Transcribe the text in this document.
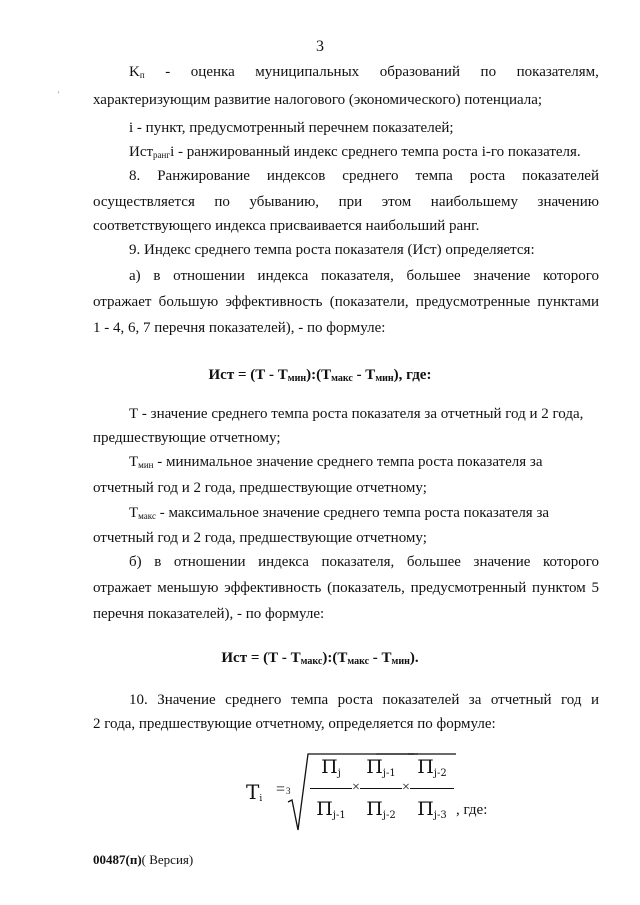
3
'
$K_п$ - оценка муниципальных образований по показателям,
характеризующим развитие налогового (экономического) потенциала;
i - пункт, предусмотренный перечнем показателей;
Ист$_{ранг}$i - ранжированный индекс среднего темпа роста i-го показателя.
8. Ранжирование индексов среднего темпа роста показателей
осуществляется по убыванию, при этом наибольшему значению
соответствующего индекса присваивается наибольший ранг.
9. Индекс среднего темпа роста показателя (Ист) определяется:
а) в отношении индекса показателя, большее значение которого
отражает большую эффективность (показатели, предусмотренные пунктами
1 - 4, 6, 7 перечня показателей), - по формуле:
Ист = $(Т - Т_{мин}):(Т_{макс} - Т_{мин})$, где:
Т - значение среднего темпа роста показателя за отчетный год и 2 года,
предшествующие отчетному;
$Т_{мин}$ - минимальное значение среднего темпа роста показателя за
отчетный год и 2 года, предшествующие отчетному;
$Т_{макс}$ - максимальное значение среднего темпа роста показателя за
отчетный год и 2 года, предшествующие отчетному;
б) в отношении индекса показателя, большее значение которого
отражает меньшую эффективность (показатель, предусмотренный пунктом 5
перечня показателей), - по формуле:
Ист = $(Т - Т_{макс}):(Т_{макс} - Т_{мин})$.
10. Значение среднего темпа роста показателей за отчетный год и
2 года, предшествующие отчетному, определяется по формуле:
$T_i$
= 3
$П_j$
$П_{j-1}$
×
$П_{j-1}$
$П_{j-2}$
×
$П_{j-2}$
$П_{j-3}$ , где:
00487(п)( Версия)
